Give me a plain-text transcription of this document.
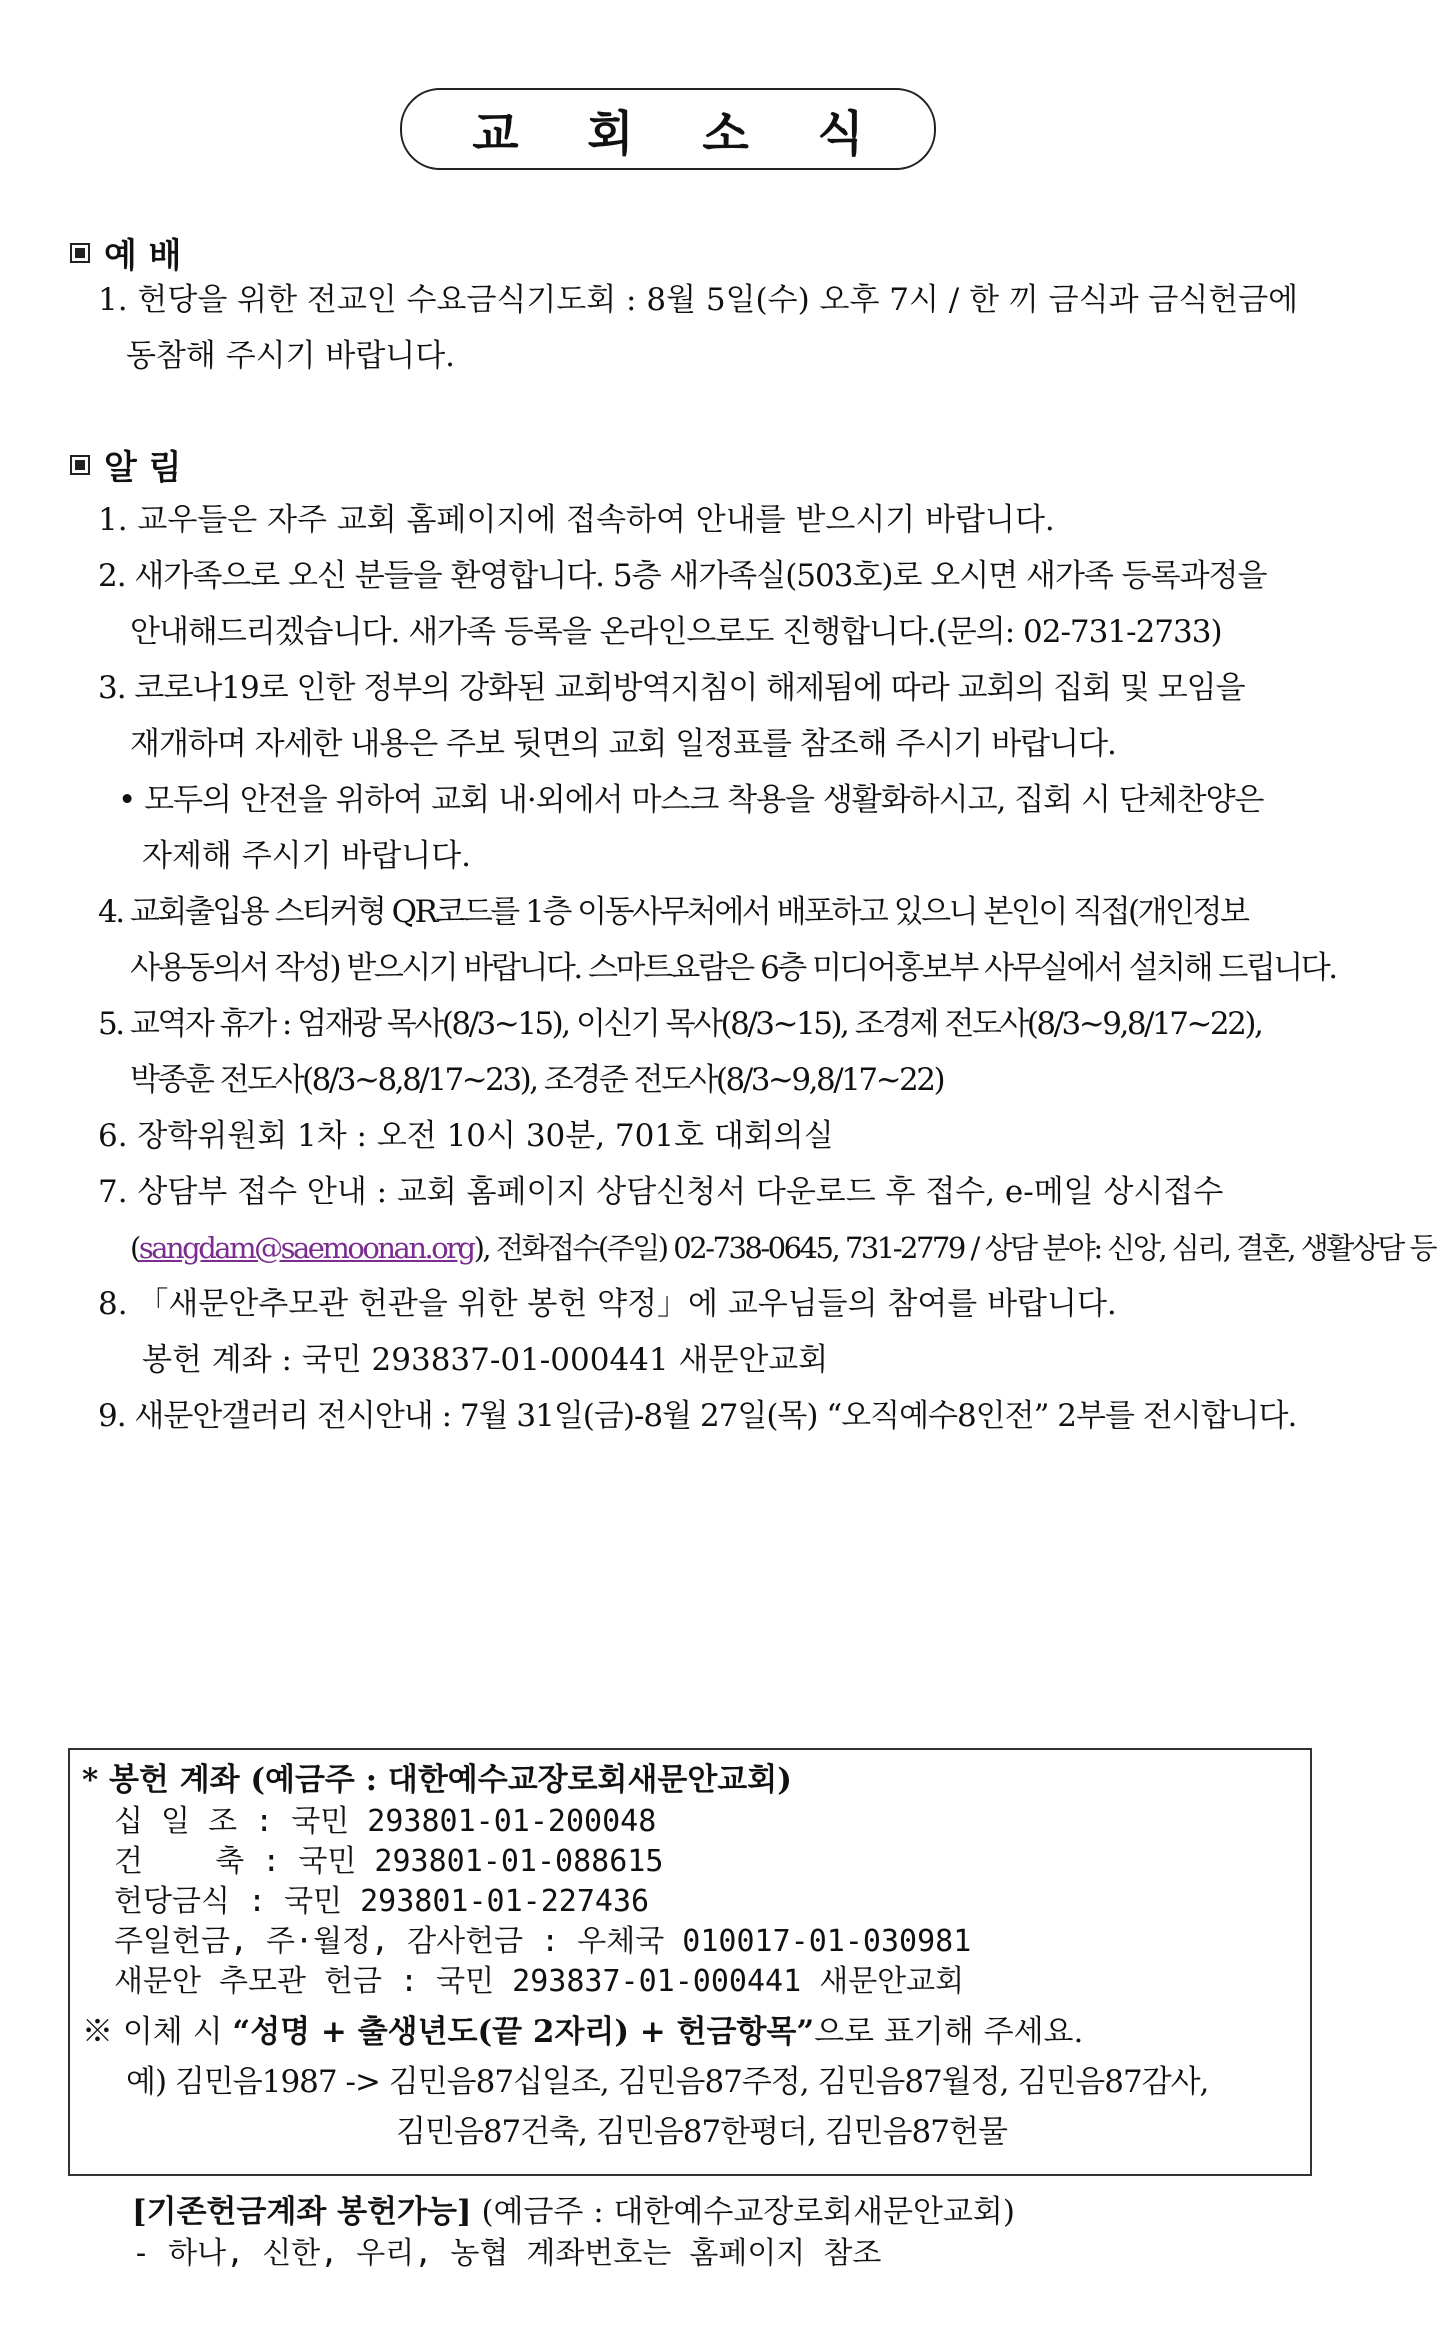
교 회 소 식
예 배
1. 헌당을 위한 전교인 수요금식기도회 : 8월 5일(수) 오후 7시 / 한 끼 금식과 금식헌금에
동참해 주시기 바랍니다.
알 림
1. 교우들은 자주 교회 홈페이지에 접속하여 안내를 받으시기 바랍니다.
2. 새가족으로 오신 분들을 환영합니다. 5층 새가족실(503호)로 오시면 새가족 등록과정을
안내해드리겠습니다. 새가족 등록을 온라인으로도 진행합니다.(문의: 02-731-2733)
3. 코로나19로 인한 정부의 강화된 교회방역지침이 해제됨에 따라 교회의 집회 및 모임을
재개하며 자세한 내용은 주보 뒷면의 교회 일정표를 참조해 주시기 바랍니다.
• 모두의 안전을 위하여 교회 내·외에서 마스크 착용을 생활화하시고, 집회 시 단체찬양은
자제해 주시기 바랍니다.
4. 교회출입용 스티커형 QR코드를 1층 이동사무처에서 배포하고 있으니 본인이 직접(개인정보
사용동의서 작성) 받으시기 바랍니다. 스마트요람은 6층 미디어홍보부 사무실에서 설치해 드립니다.
5. 교역자 휴가 : 엄재광 목사(8/3~15), 이신기 목사(8/3~15), 조경제 전도사(8/3~9,8/17~22),
박종훈 전도사(8/3~8,8/17~23), 조경준 전도사(8/3~9,8/17~22)
6. 장학위원회 1차 : 오전 10시 30분, 701호 대회의실
7. 상담부 접수 안내 : 교회 홈페이지 상담신청서 다운로드 후 접수, e-메일 상시접수
(sangdam@saemoonan.org), 전화접수(주일) 02-738-0645, 731-2779 / 상담 분야: 신앙, 심리, 결혼, 생활상담 등
8. 「새문안추모관 헌관을 위한 봉헌 약정」에 교우님들의 참여를 바랍니다.
봉헌 계좌 : 국민 293837-01-000441 새문안교회
9. 새문안갤러리 전시안내 : 7월 31일(금)-8월 27일(목) “오직예수8인전” 2부를 전시합니다.
* 봉헌 계좌 (예금주 : 대한예수교장로회새문안교회)
십 일 조 : 국민 293801-01-200048
건    축 : 국민 293801-01-088615
헌당금식 : 국민 293801-01-227436
주일헌금, 주·월정, 감사헌금 : 우체국 010017-01-030981
새문안 추모관 헌금 : 국민 293837-01-000441 새문안교회
※ 이체 시 “성명 + 출생년도(끝 2자리) + 헌금항목”으로 표기해 주세요.
예) 김민음1987 -> 김민음87십일조, 김민음87주정, 김민음87월정, 김민음87감사,
김민음87건축, 김민음87한평더, 김민음87헌물
[기존헌금계좌 봉헌가능] (예금주 : 대한예수교장로회새문안교회)
- 하나, 신한, 우리, 농협 계좌번호는 홈페이지 참조
